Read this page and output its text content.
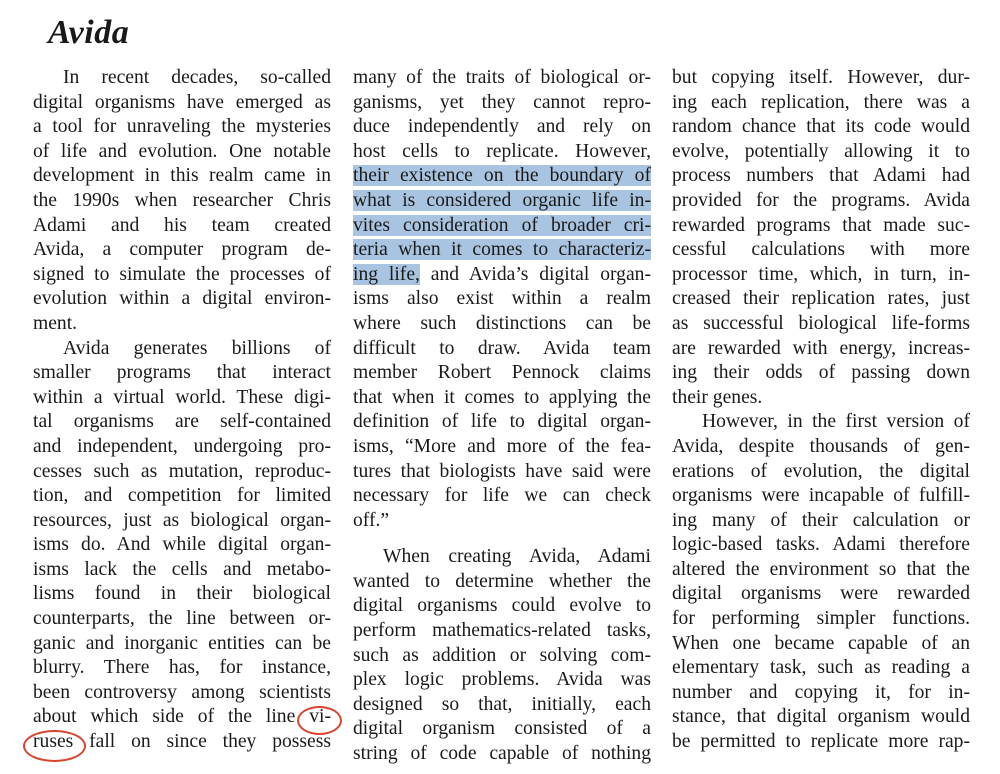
Avida
In recent decades, so-called
digital organisms have emerged as
a tool for unraveling the mysteries
of life and evolution. One notable
development in this realm came in
the 1990s when researcher Chris
Adami and his team created
Avida, a computer program de-
signed to simulate the processes of
evolution within a digital environ-
ment.
Avida generates billions of
smaller programs that interact
within a virtual world. These digi-
tal organisms are self-contained
and independent, undergoing pro-
cesses such as mutation, reproduc-
tion, and competition for limited
resources, just as biological organ-
isms do. And while digital organ-
isms lack the cells and metabo-
lisms found in their biological
counterparts, the line between or-
ganic and inorganic entities can be
blurry. There has, for instance,
been controversy among scientists
about which side of the line vi-
ruses fall on since they possess
many of the traits of biological or-
ganisms, yet they cannot repro-
duce independently and rely on
host cells to replicate. However,
their existence on the boundary of
what is considered organic life in-
vites consideration of broader cri-
teria when it comes to characteriz-
ing life, and Avida’s digital organ-
isms also exist within a realm
where such distinctions can be
difficult to draw. Avida team
member Robert Pennock claims
that when it comes to applying the
definition of life to digital organ-
isms, “More and more of the fea-
tures that biologists have said were
necessary for life we can check
off.”
When creating Avida, Adami
wanted to determine whether the
digital organisms could evolve to
perform mathematics-related tasks,
such as addition or solving com-
plex logic problems. Avida was
designed so that, initially, each
digital organism consisted of a
string of code capable of nothing
but copying itself. However, dur-
ing each replication, there was a
random chance that its code would
evolve, potentially allowing it to
process numbers that Adami had
provided for the programs. Avida
rewarded programs that made suc-
cessful calculations with more
processor time, which, in turn, in-
creased their replication rates, just
as successful biological life-forms
are rewarded with energy, increas-
ing their odds of passing down
their genes.
However, in the first version of
Avida, despite thousands of gen-
erations of evolution, the digital
organisms were incapable of fulfill-
ing many of their calculation or
logic-based tasks. Adami therefore
altered the environment so that the
digital organisms were rewarded
for performing simpler functions.
When one became capable of an
elementary task, such as reading a
number and copying it, for in-
stance, that digital organism would
be permitted to replicate more rap-
